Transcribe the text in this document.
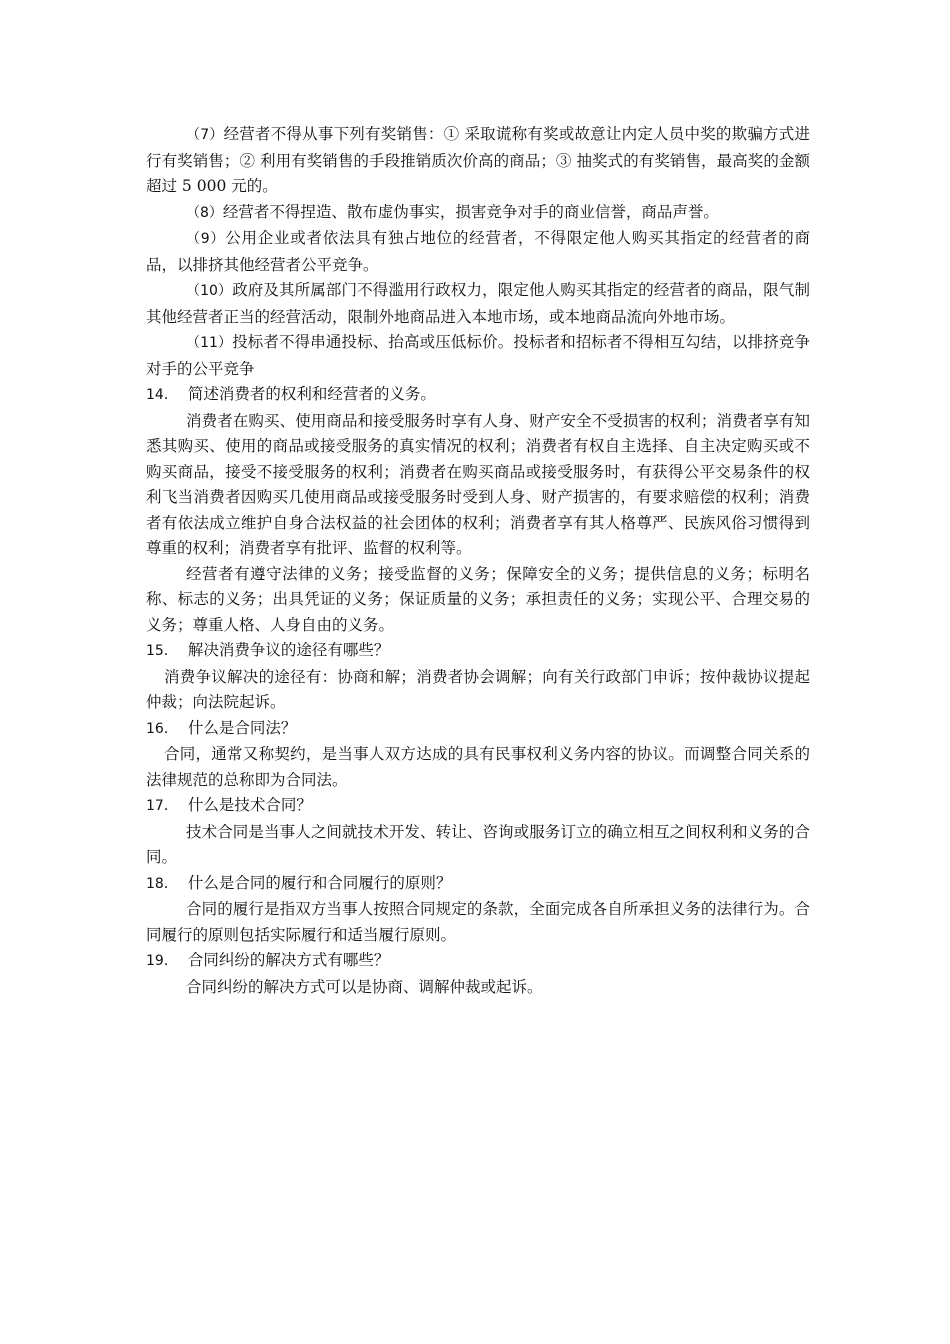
（7）经营者不得从事下列有奖销售：① 采取谎称有奖或故意让内定人员中奖的欺骗方式进行有奖销售；② 利用有奖销售的手段推销质次价高的商品；③ 抽奖式的有奖销售，最高奖的金额超过 5 000 元的。

（8）经营者不得捏造、散布虚伪事实，损害竞争对手的商业信誉，商品声誉。

（9）公用企业或者依法具有独占地位的经营者，不得限定他人购买其指定的经营者的商品，以排挤其他经营者公平竞争。

（10）政府及其所属部门不得滥用行政权力，限定他人购买其指定的经营者的商品，限气制其他经营者正当的经营活动，限制外地商品进入本地市场，或本地商品流向外地市场。

（11）投标者不得串通投标、抬高或压低标价。投标者和招标者不得相互勾结，以排挤竞争对手的公平竞争

14． 简述消费者的权利和经营者的义务。

消费者在购买、使用商品和接受服务时享有人身、财产安全不受损害的权利；消费者享有知悉其购买、使用的商品或接受服务的真实情况的权利；消费者有权自主选择、自主决定购买或不购买商品，接受不接受服务的权利；消费者在购买商品或接受服务时，有获得公平交易条件的权利飞当消费者因购买几使用商品或接受服务时受到人身、财产损害的，有要求赔偿的权利；消费者有依法成立维护自身合法权益的社会团体的权利；消费者享有其人格尊严、民族风俗习惯得到尊重的权利；消费者享有批评、监督的权利等。

经营者有遵守法律的义务；接受监督的义务；保障安全的义务；提供信息的义务；标明名称、标志的义务；出具凭证的义务；保证质量的义务；承担责任的义务；实现公平、合理交易的义务；尊重人格、人身自由的义务。

15． 解决消费争议的途径有哪些？

消费争议解决的途径有：协商和解；消费者协会调解；向有关行政部门申诉；按仲裁协议提起仲裁；向法院起诉。

16． 什么是合同法？

合同，通常又称契约，是当事人双方达成的具有民事权利义务内容的协议。而调整合同关系的法律规范的总称即为合同法。

17． 什么是技术合同？

技术合同是当事人之间就技术开发、转让、咨询或服务订立的确立相互之间权利和义务的合同。

18． 什么是合同的履行和合同履行的原则？

合同的履行是指双方当事人按照合同规定的条款，全面完成各自所承担义务的法律行为。合同履行的原则包括实际履行和适当履行原则。

19． 合同纠纷的解决方式有哪些？

合同纠纷的解决方式可以是协商、调解仲裁或起诉。
